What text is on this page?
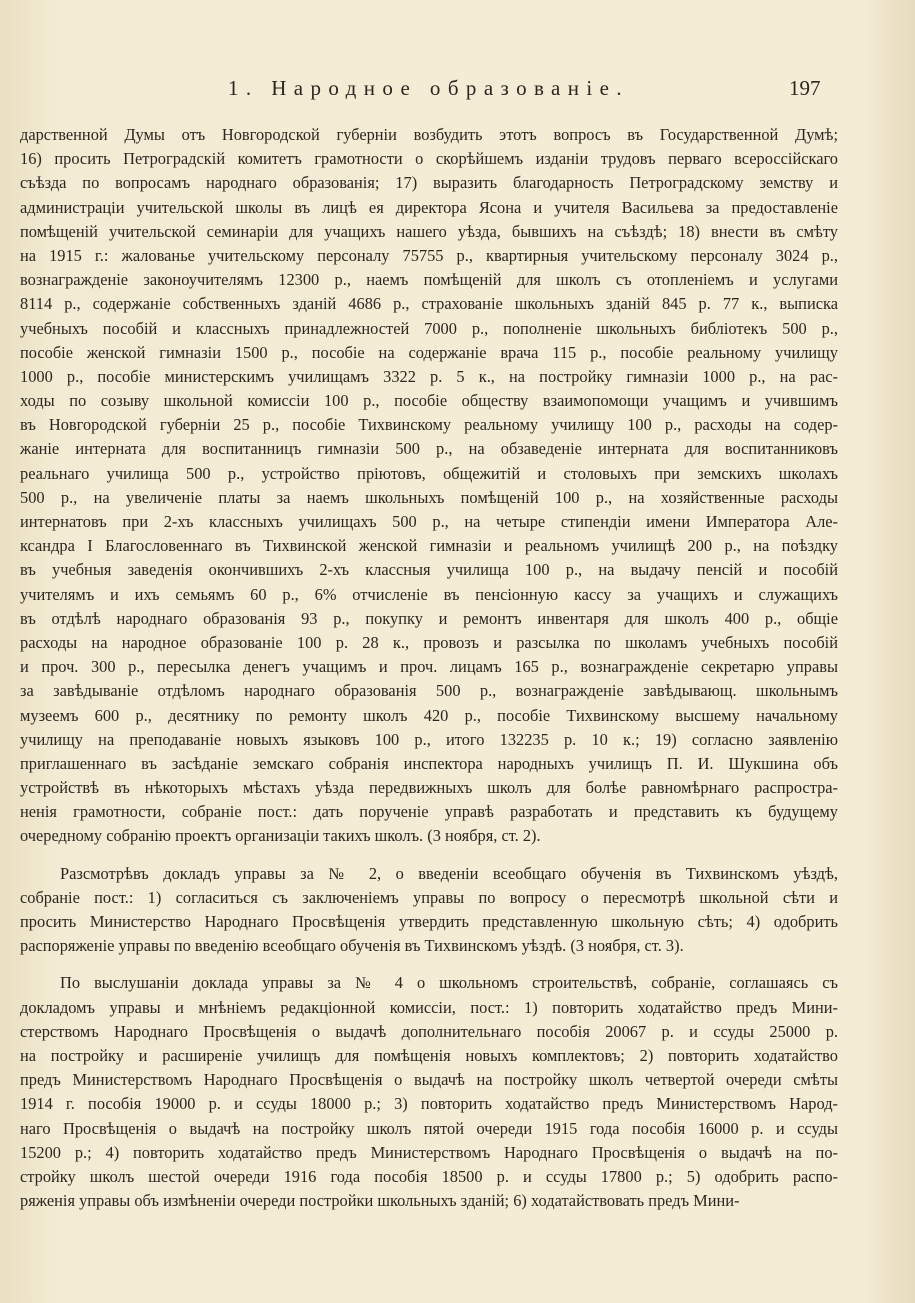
1. Народное образованіе.	197
дарственной Думы отъ Новгородской губерніи возбудить этотъ вопросъ въ Государственной Думѣ;
16) просить Петроградскій комитетъ грамотности о скорѣйшемъ изданіи трудовъ перваго всероссійскаго
съѣзда по вопросамъ народнаго образованія; 17) выразить благодарность Петроградскому земству и
администраціи учительской школы въ лицѣ ея директора Ясона и учителя Васильева за предоставленіе
помѣщеній учительской семинаріи для учащихъ нашего уѣзда, бывшихъ на съѣздѣ; 18) внести въ смѣту
на 1915 г.: жалованье учительскому персоналу 75755 р., квартирныя учительскому персоналу 3024 р.,
вознагражденіе законоучителямъ 12300 р., наемъ помѣщеній для школъ съ отопленіемъ и услугами
8114 р., содержаніе собственныхъ зданій 4686 р., страхованіе школьныхъ зданій 845 р. 77 к., выписка
учебныхъ пособій и классныхъ принадлежностей 7000 р., пополненіе школьныхъ библіотекъ 500 р.,
пособіе женской гимназіи 1500 р., пособіе на содержаніе врача 115 р., пособіе реальному училищу
1000 р., пособіе министерскимъ училищамъ 3322 р. 5 к., на постройку гимназіи 1000 р., на рас-
ходы по созыву школьной комиссіи 100 р., пособіе обществу взаимопомощи учащимъ и учившимъ
въ Новгородской губерніи 25 р., пособіе Тихвинскому реальному училищу 100 р., расходы на содер-
жаніе интерната для воспитанницъ гимназіи 500 р., на обзаведеніе интерната для воспитанниковъ
реальнаго училища 500 р., устройство пріютовъ, общежитій и столовыхъ при земскихъ школахъ
500 р., на увеличеніе платы за наемъ школьныхъ помѣщеній 100 р., на хозяйственные расходы
интернатовъ при 2-хъ классныхъ училищахъ 500 р., на четыре стипендіи имени Императора Але-
ксандра I Благословеннаго въ Тихвинской женской гимназіи и реальномъ училищѣ 200 р., на поѣздку
въ учебныя заведенія окончившихъ 2-хъ классныя училища 100 р., на выдачу пенсій и пособій
учителямъ и ихъ семьямъ 60 р., 6% отчисленіе въ пенсіонную кассу за учащихъ и служащихъ
въ отдѣлѣ народнаго образованія 93 р., покупку и ремонтъ инвентаря для школъ 400 р., общіе
расходы на народное образованіе 100 р. 28 к., провозъ и разсылка по школамъ учебныхъ пособій
и проч. 300 р., пересылка денегъ учащимъ и проч. лицамъ 165 р., вознагражденіе секретарю управы
за завѣдываніе отдѣломъ народнаго образованія 500 р., вознагражденіе завѣдывающ. школьнымъ
музеемъ 600 р., десятнику по ремонту школъ 420 р., пособіе Тихвинскому высшему начальному
училищу на преподаваніе новыхъ языковъ 100 р., итого 132235 р. 10 к.; 19) согласно заявленію
приглашеннаго въ засѣданіе земскаго собранія инспектора народныхъ училищъ П. И. Шукшина объ
устройствѣ въ нѣкоторыхъ мѣстахъ уѣзда передвижныхъ школъ для болѣе равномѣрнаго распростра-
ненія грамотности, собраніе пост.: дать порученіе управѣ разработать и представить къ будущему
очередному собранію проектъ организаціи такихъ школъ. (3 ноября, ст. 2).
Разсмотрѣвъ докладъ управы за № 2, о введеніи всеобщаго обученія въ Тихвинскомъ уѣздѣ,
собраніе пост.: 1) согласиться съ заключеніемъ управы по вопросу о пересмотрѣ школьной сѣти и
просить Министерство Народнаго Просвѣщенія утвердить представленную школьную сѣть; 4) одобрить
распоряженіе управы по введенію всеобщаго обученія въ Тихвинскомъ уѣздѣ. (3 ноября, ст. 3).
По выслушаніи доклада управы за № 4 о школьномъ строительствѣ, собраніе, соглашаясь съ
докладомъ управы и мнѣніемъ редакціонной комиссіи, пост.: 1) повторить ходатайство предъ Мини-
стерствомъ Народнаго Просвѣщенія о выдачѣ дополнительнаго пособія 20067 р. и ссуды 25000 р.
на постройку и расширеніе училищъ для помѣщенія новыхъ комплектовъ; 2) повторить ходатайство
предъ Министерствомъ Народнаго Просвѣщенія о выдачѣ на постройку школъ четвертой очереди смѣты
1914 г. пособія 19000 р. и ссуды 18000 р.; 3) повторить ходатайство предъ Министерствомъ Народ-
наго Просвѣщенія о выдачѣ на постройку школъ пятой очереди 1915 года пособія 16000 р. и ссуды
15200 р.; 4) повторить ходатайство предъ Министерствомъ Народнаго Просвѣщенія о выдачѣ на по-
стройку школъ шестой очереди 1916 года пособія 18500 р. и ссуды 17800 р.; 5) одобрить распо-
ряженія управы объ измѣненіи очереди постройки школьныхъ зданій; 6) ходатайствовать предъ Мини-
